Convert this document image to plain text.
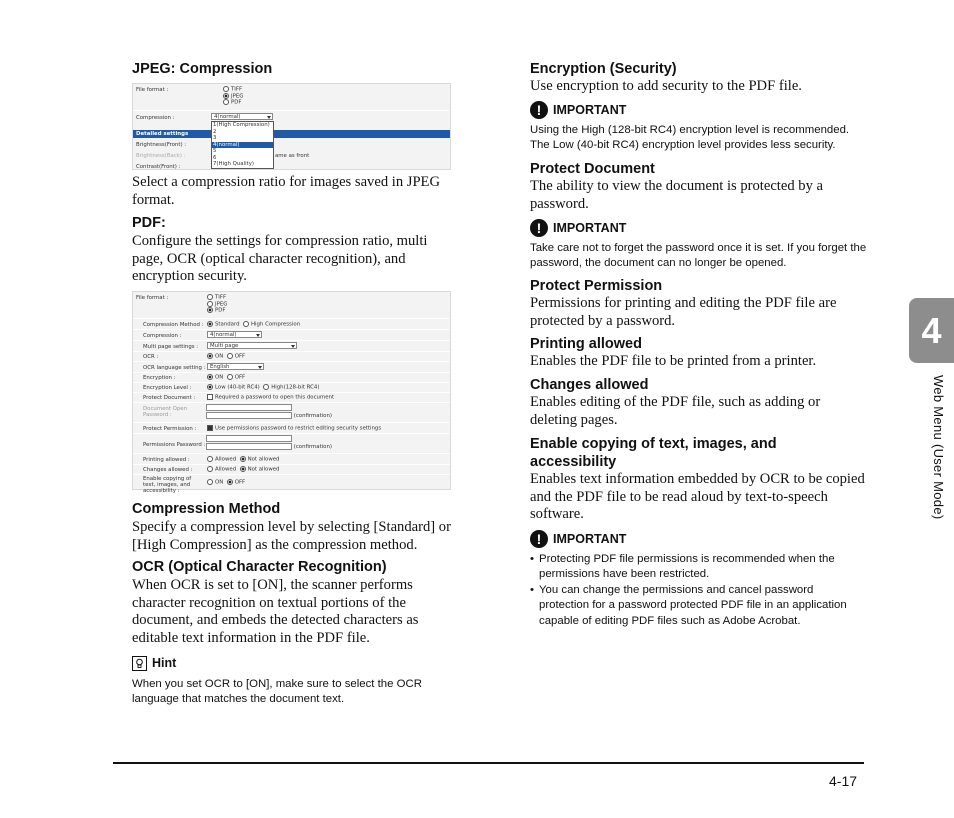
JPEG: Compression
File format :	TIFF
JPEG
PDF
Compression :	4(normal)
Detailed settings
Brightness(Front) :
Brightness(Back) :	ame as front
Contrast(Front) :
1(High Compression)
2
3
4(normal)
5
6
7(High Quality)

Select a compression ratio for images saved in JPEG format.

PDF:

Configure the settings for compression ratio, multi page, OCR (optical character recognition), and encryption security.

File format :	TIFF
JPEG
PDF
Compression Method :	Standard High Compression
Compression :	4(normal)
Multi page settings :	Multi page
OCR :	ON OFF
OCR language setting : English
Encryption :	ON OFF
Encryption Level :	Low (40-bit RC4) High(128-bit RC4)
Protect Document :	Required a password to open this document
Document Open Password :	(confirmation)
Protect Permission :	Use permissions password to restrict editing security settings
Permissions Password :	(confirmation)
Printing allowed :	Allowed Not allowed
Changes allowed :	Allowed Not allowed
Enable copying of text, images, and accessibility :
ON OFF
Compression Method

Specify a compression level by selecting [Standard] or [High Compression] as the compression method.

OCR (Optical Character Recognition)

When OCR is set to [ON], the scanner performs character recognition on textual portions of the document, and embeds the detected characters as editable text information in the PDF file.

Hint

When you set OCR to [ON], make sure to select the OCR language that matches the document text.

Encryption (Security)

Use encryption to add security to the PDF file.

! IMPORTANT

Using the High (128-bit RC4) encryption level is recommended. The Low (40-bit RC4) encryption level provides less security.

Protect Document

The ability to view the document is protected by a password.

! IMPORTANT

Take care not to forget the password once it is set. If you forget the password, the document can no longer be opened.

Protect Permission

Permissions for printing and editing the PDF file are protected by a password.

Printing allowed

Enables the PDF file to be printed from a printer.

Changes allowed

Enables editing of the PDF file, such as adding or deleting pages.

Enable copying of text, images, and accessibility

Enables text information embedded by OCR to be copied and the PDF file to be read aloud by text-to-speech software.

! IMPORTANT
• Protecting PDF file permissions is recommended when the permissions have been restricted.
• You can change the permissions and cancel password protection for a password protected PDF file in an application capable of editing PDF files such as Adobe Acrobat.
4
Web Menu (User Mode)
4-17
